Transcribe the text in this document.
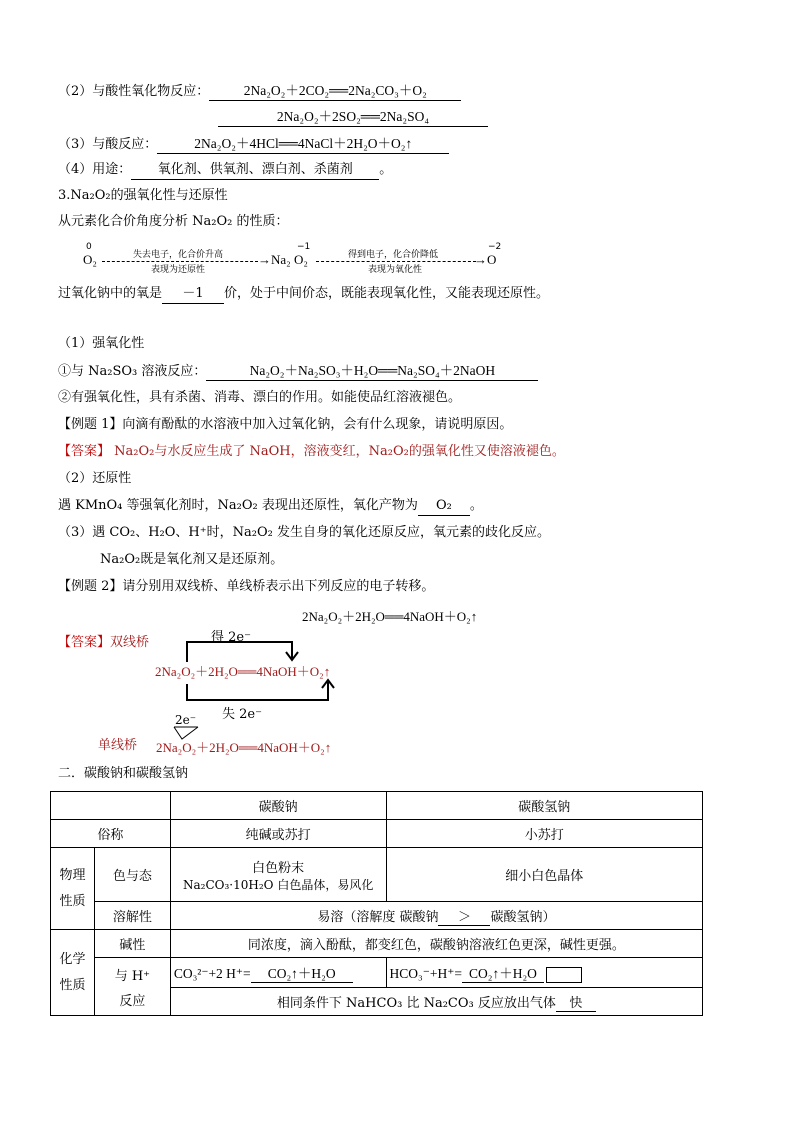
（2）与酸性氧化物反应：	2Na₂O₂＋2CO₂══2Na₂CO₃＋O₂
2Na₂O₂＋2SO₂══2Na₂SO₄
（3）与酸反应：	2Na₂O₂＋4HCl══4NaCl＋2H₂O＋O₂↑
（4）用途： 氧化剂、供氧剂、漂白剂、杀菌剂 。
3.Na₂O₂的强氧化性与还原性
从元素化合价角度分析 Na₂O₂ 的性质：
0
O₂	失去电子，化合价升高
表现为还原性
−1
→Na₂ O₂	得到电子，化合价降低
表现为氧化性
−2
→O
过氧化钠中的氧是 －1 价，处于中间价态，既能表现氧化性，又能表现还原性。
（1）强氧化性
①与 Na₂SO₃ 溶液反应：	Na₂O₂＋Na₂SO₃＋H₂O══Na₂SO₄＋2NaOH
②有强氧化性，具有杀菌、消毒、漂白的作用。如能使品红溶液褪色。
【例题 1】向滴有酚酞的水溶液中加入过氧化钠，会有什么现象，请说明原因。
【答案】 Na₂O₂与水反应生成了 NaOH，溶液变红，Na₂O₂的强氧化性又使溶液褪色。
（2）还原性
遇 KMnO₄ 等强氧化剂时，Na₂O₂ 表现出还原性，氧化产物为 O₂ 。
（3）遇 CO₂、H₂O、H⁺时，Na₂O₂ 发生自身的氧化还原反应，氧元素的歧化反应。
Na₂O₂既是氧化剂又是还原剂。
【例题 2】请分别用双线桥、单线桥表示出下列反应的电子转移。
2Na₂O₂＋2H₂O══4NaOH＋O₂↑
【答案】双线桥	得 2e⁻
2Na₂O₂＋2H₂O══4NaOH＋O₂↑
失 2e⁻
2e⁻
单线桥 2Na₂O₂＋2H₂O══4NaOH＋O₂↑
二．碳酸钠和碳酸氢钠
		碳酸钠	碳酸氢钠
俗称		纯碱或苏打	小苏打
物理性质	色与态	白色粉末
Na₂CO₃·10H₂O 白色晶体，易风化	细小白色晶体
	溶解性	易溶（溶解度 碳酸钠 ＞ 碳酸氢钠）	
化学性质	碱性	同浓度，滴入酚酞，都变红色，碳酸钠溶液红色更深，碱性更强。	

	与 H⁺
反应	CO₃²⁻+2 H⁺= CO₂↑＋H₂O	HCO₃⁻+H⁺= CO₂↑＋H₂O
		相同条件下 NaHCO₃ 比 Na₂CO₃ 反应放出气体 快	
